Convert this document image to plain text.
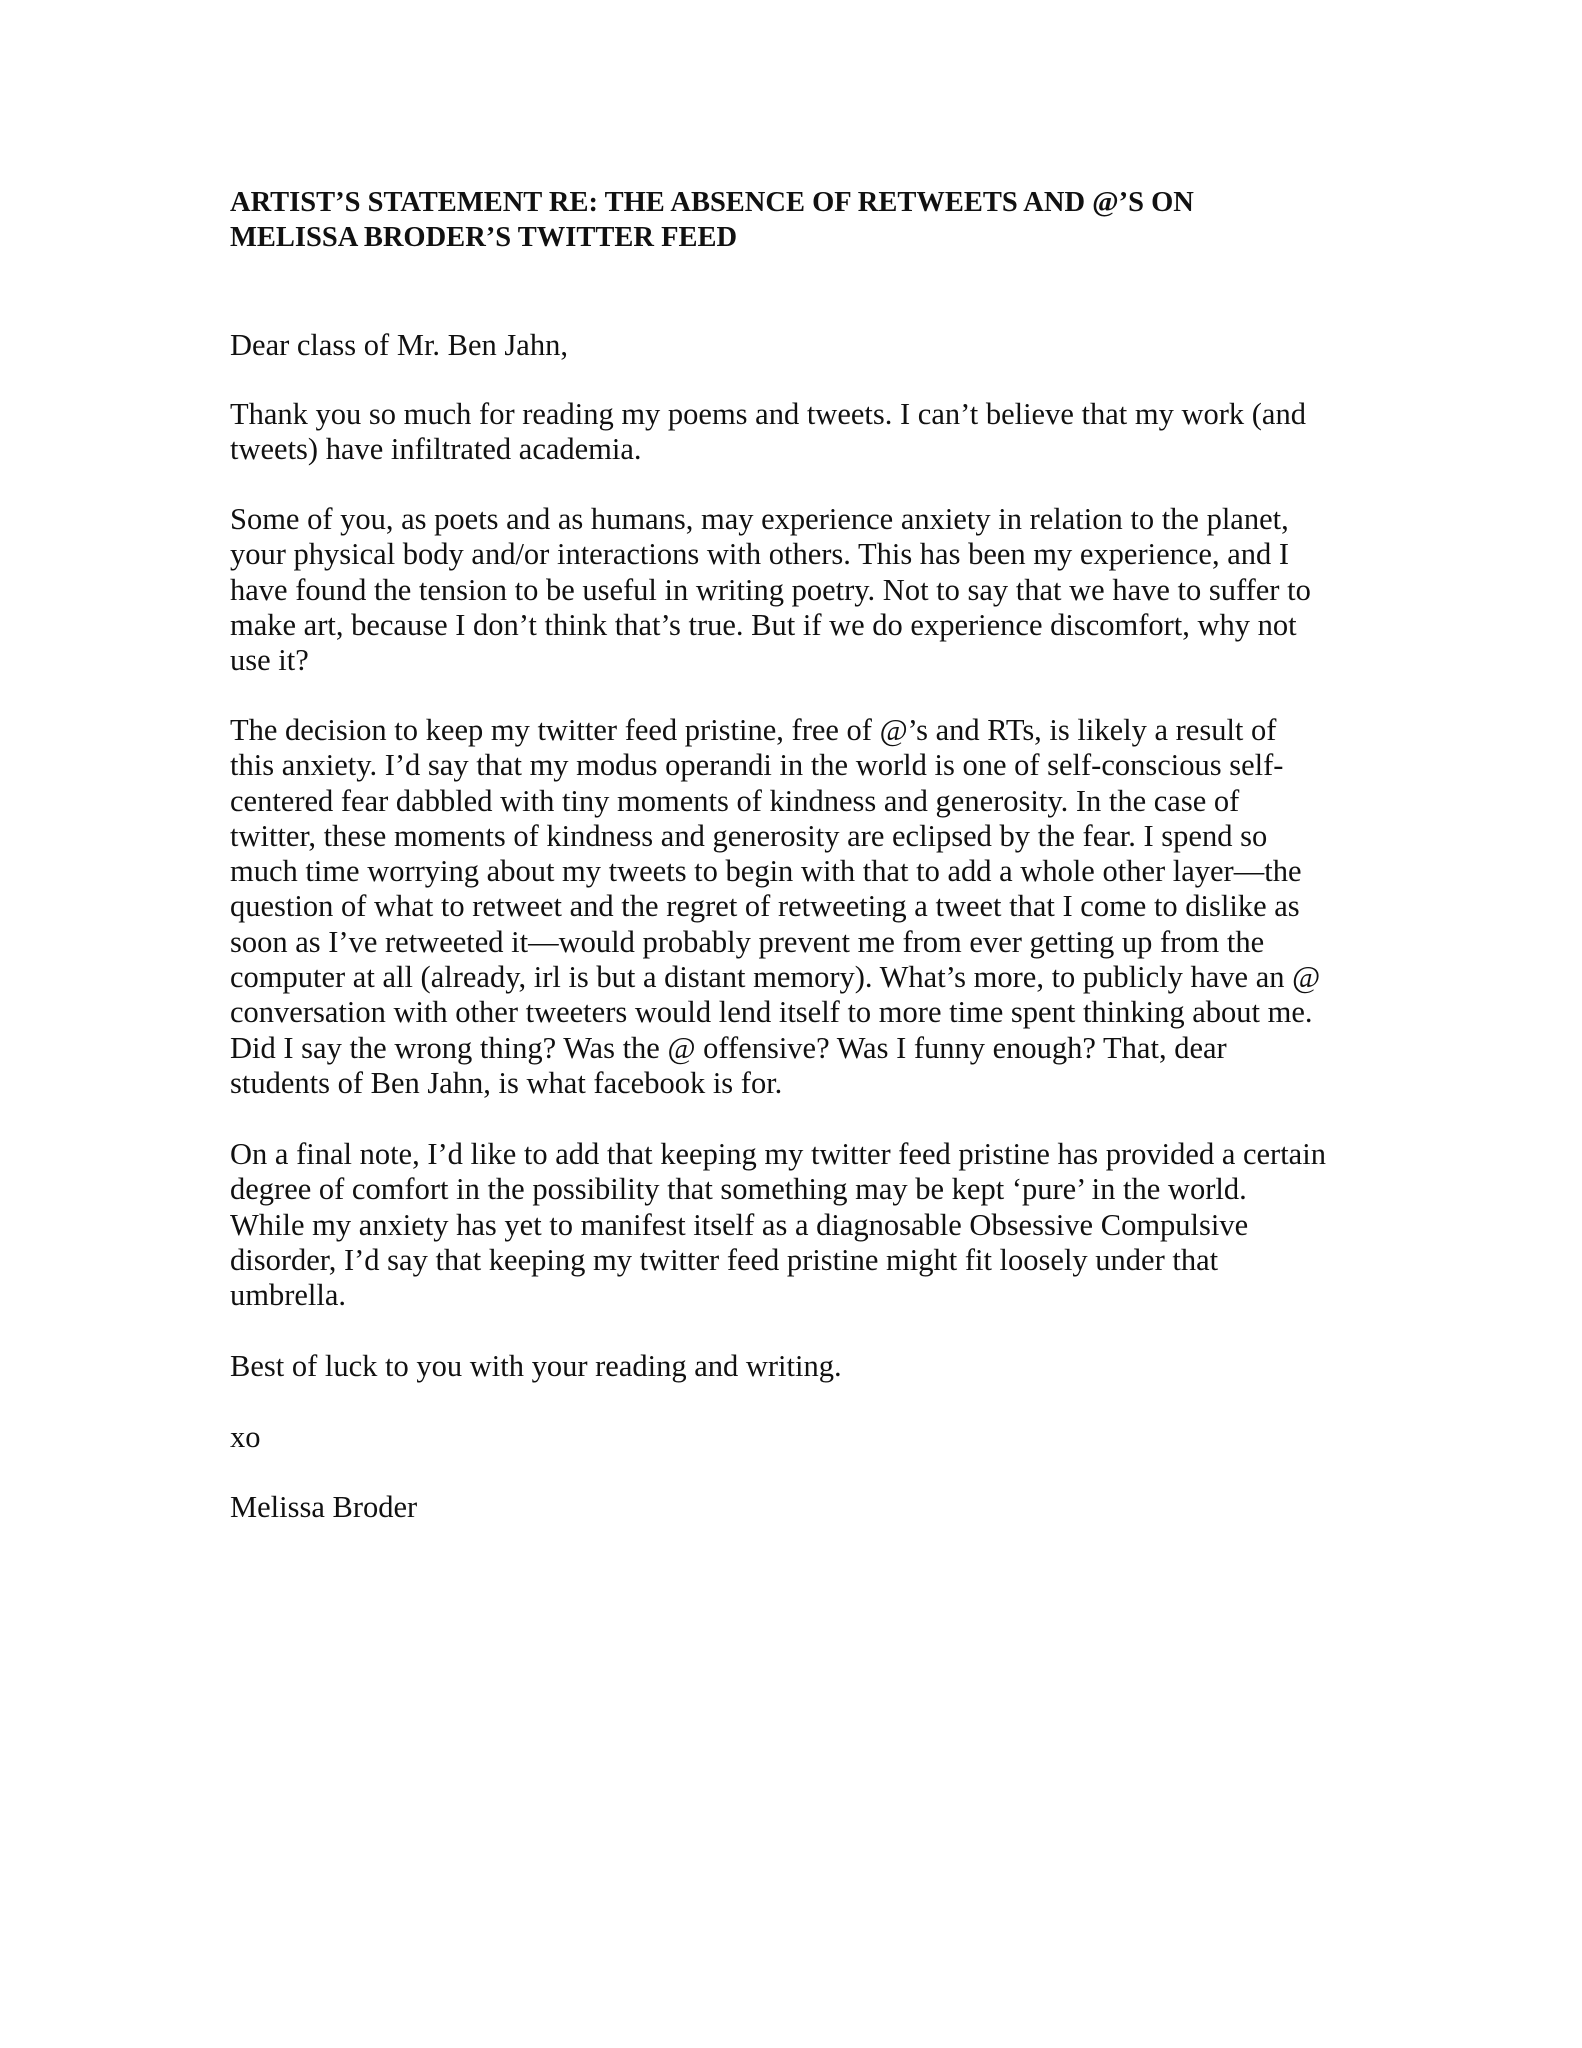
ARTIST’S STATEMENT RE: THE ABSENCE OF RETWEETS AND @’S ON
MELISSA BRODER’S TWITTER FEED
Dear class of Mr. Ben Jahn,
Thank you so much for reading my poems and tweets. I can’t believe that my work (and
tweets) have infiltrated academia.
Some of you, as poets and as humans, may experience anxiety in relation to the planet,
your physical body and/or interactions with others. This has been my experience, and I
have found the tension to be useful in writing poetry. Not to say that we have to suffer to
make art, because I don’t think that’s true. But if we do experience discomfort, why not
use it?
The decision to keep my twitter feed pristine, free of @’s and RTs, is likely a result of
this anxiety. I’d say that my modus operandi in the world is one of self-conscious self-
centered fear dabbled with tiny moments of kindness and generosity. In the case of
twitter, these moments of kindness and generosity are eclipsed by the fear. I spend so
much time worrying about my tweets to begin with that to add a whole other layer—the
question of what to retweet and the regret of retweeting a tweet that I come to dislike as
soon as I’ve retweeted it—would probably prevent me from ever getting up from the
computer at all (already, irl is but a distant memory). What’s more, to publicly have an @
conversation with other tweeters would lend itself to more time spent thinking about me.
Did I say the wrong thing? Was the @ offensive? Was I funny enough? That, dear
students of Ben Jahn, is what facebook is for.
On a final note, I’d like to add that keeping my twitter feed pristine has provided a certain
degree of comfort in the possibility that something may be kept ‘pure’ in the world.
While my anxiety has yet to manifest itself as a diagnosable Obsessive Compulsive
disorder, I’d say that keeping my twitter feed pristine might fit loosely under that
umbrella.
Best of luck to you with your reading and writing.
xo
Melissa Broder
